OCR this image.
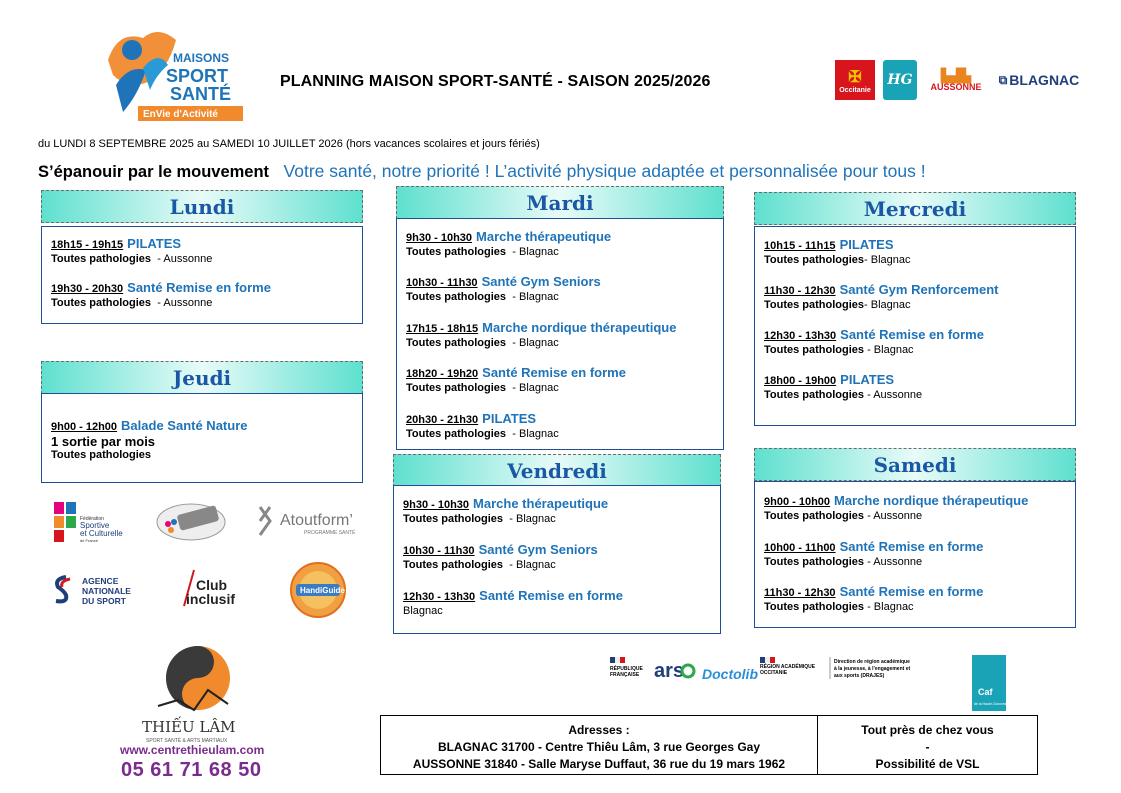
MAISONS
SPORT
SANTÉ
EnVie d'Activité
PLANNING MAISON SPORT-SANTÉ - SAISON 2025/2026	✠
Occitanie
HG ▙▟▙
AUSSONNE ⧉ BLAGNAC
du LUNDI 8 SEPTEMBRE 2025 au SAMEDI 10 JUILLET 2026 (hors vacances scolaires et jours fériés)
S’épanouir par le mouvement Votre santé, notre priorité ! L’activité physique adaptée et personnalisée pour tous !
Lundi
18h15 - 19h15 PILATES
Toutes pathologies  - Aussonne
19h30 - 20h30 Santé Remise en forme
Toutes pathologies  - Aussonne
Jeudi
9h00 - 12h00 Balade Santé Nature
1 sortie par mois
Toutes pathologies
Mardi
9h30 - 10h30 Marche thérapeutique
Toutes pathologies  - Blagnac
10h30 - 11h30 Santé Gym Seniors
Toutes pathologies  - Blagnac
17h15 - 18h15 Marche nordique thérapeutique
Toutes pathologies  - Blagnac
18h20 - 19h20 Santé Remise en forme
Toutes pathologies  - Blagnac
20h30 - 21h30 PILATES
Toutes pathologies  - Blagnac
Vendredi
9h30 - 10h30 Marche thérapeutique
Toutes pathologies  - Blagnac
10h30 - 11h30 Santé Gym Seniors
Toutes pathologies  - Blagnac
12h30 - 13h30 Santé Remise en forme
Blagnac
Mercredi
10h15 - 11h15 PILATES
Toutes pathologies- Blagnac
11h30 - 12h30 Santé Gym Renforcement
Toutes pathologies- Blagnac
12h30 - 13h30 Santé Remise en forme
Toutes pathologies - Blagnac
18h00 - 19h00 PILATES
Toutes pathologies - Aussonne
Samedi
9h00 - 10h00 Marche nordique thérapeutique
Toutes pathologies - Aussonne
10h00 - 11h00 Santé Remise en forme
Toutes pathologies - Aussonne
11h30 - 12h30 Santé Remise en forme
Toutes pathologies - Blagnac
Fédération
Sportive
et Culturelle
de France
Atoutform’
PROGRAMME SANTÉ
AGENCE
NATIONALE
DU SPORT
Club
inclusif
HandiGuide
THIẾU LÂM
SPORT SANTÉ & ARTS MARTIAUX
www.centrethieulam.com
05 61 71 68 50
RÉPUBLIQUE
FRANÇAISE ars Doctolib RÉGION ACADÉMIQUE
OCCITANIE
Direction de région académique
à la jeunesse, à l’engagement et
aux sports (DRAJES)
Caf
de la Haute-Garonne
Adresses :
BLAGNAC 31700 - Centre Thiêu Lâm, 3 rue Georges Gay
AUSSONNE 31840 - Salle Maryse Duffaut, 36 rue du 19 mars 1962
Tout près de chez vous
-
Possibilité de VSL
